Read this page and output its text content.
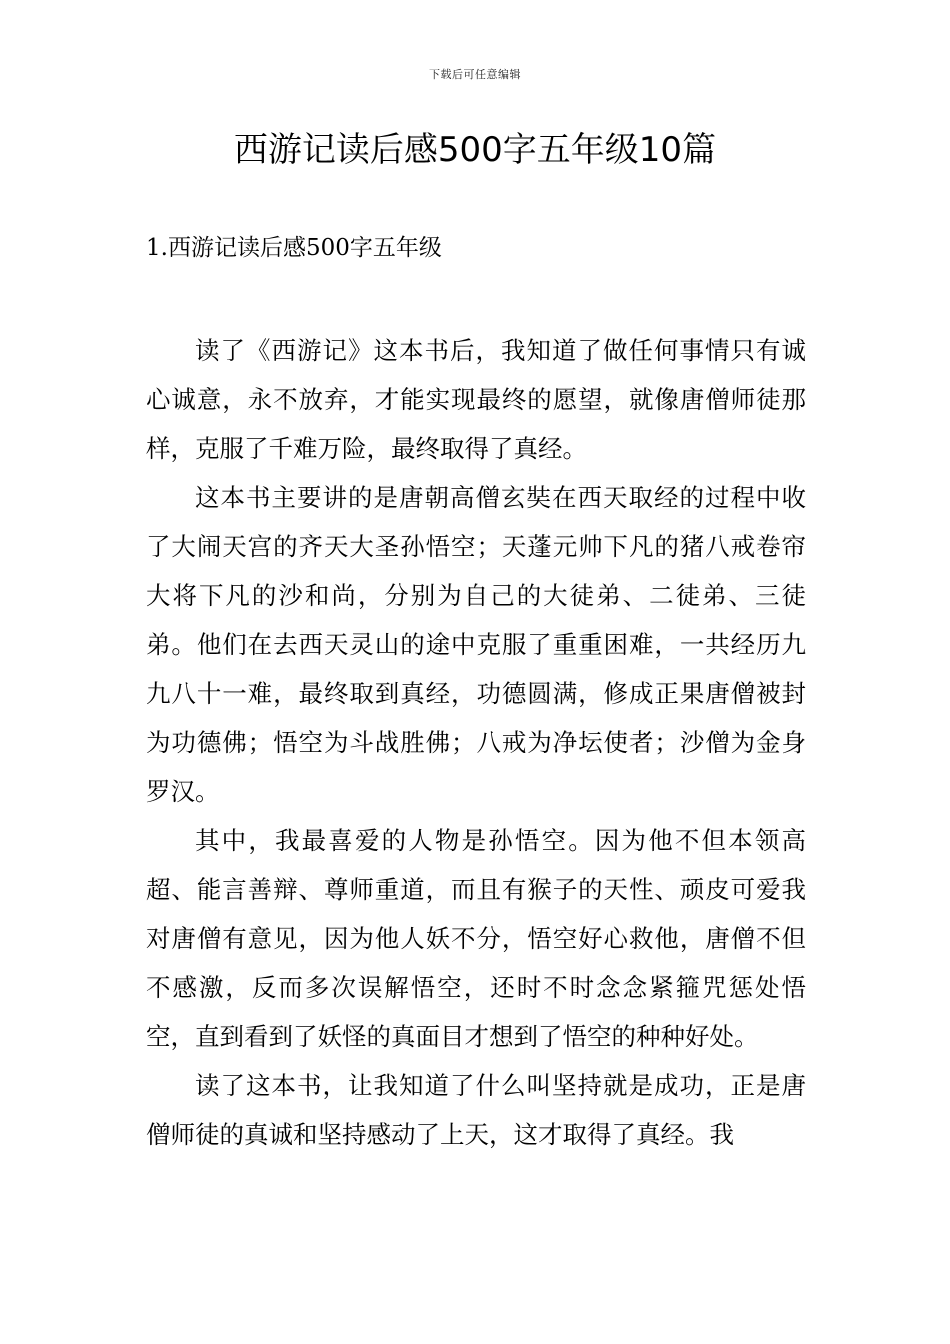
下载后可任意编辑
西游记读后感500字五年级10篇
1.西游记读后感500字五年级

读了《西游记》这本书后，我知道了做任何事情只有诚心诚意，永不放弃，才能实现最终的愿望，就像唐僧师徒那样，克服了千难万险，最终取得了真经。

这本书主要讲的是唐朝高僧玄奘在西天取经的过程中收了大闹天宫的齐天大圣孙悟空；天蓬元帅下凡的猪八戒卷帘大将下凡的沙和尚，分别为自己的大徒弟、二徒弟、三徒弟。他们在去西天灵山的途中克服了重重困难，一共经历九九八十一难，最终取到真经，功德圆满，修成正果唐僧被封为功德佛；悟空为斗战胜佛；八戒为净坛使者；沙僧为金身罗汉。

其中，我最喜爱的人物是孙悟空。因为他不但本领高超、能言善辩、尊师重道，而且有猴子的天性、顽皮可爱我对唐僧有意见，因为他人妖不分，悟空好心救他，唐僧不但不感激，反而多次误解悟空，还时不时念念紧箍咒惩处悟空，直到看到了妖怪的真面目才想到了悟空的种种好处。

读了这本书，让我知道了什么叫坚持就是成功，正是唐僧师徒的真诚和坚持感动了上天，这才取得了真经。我
